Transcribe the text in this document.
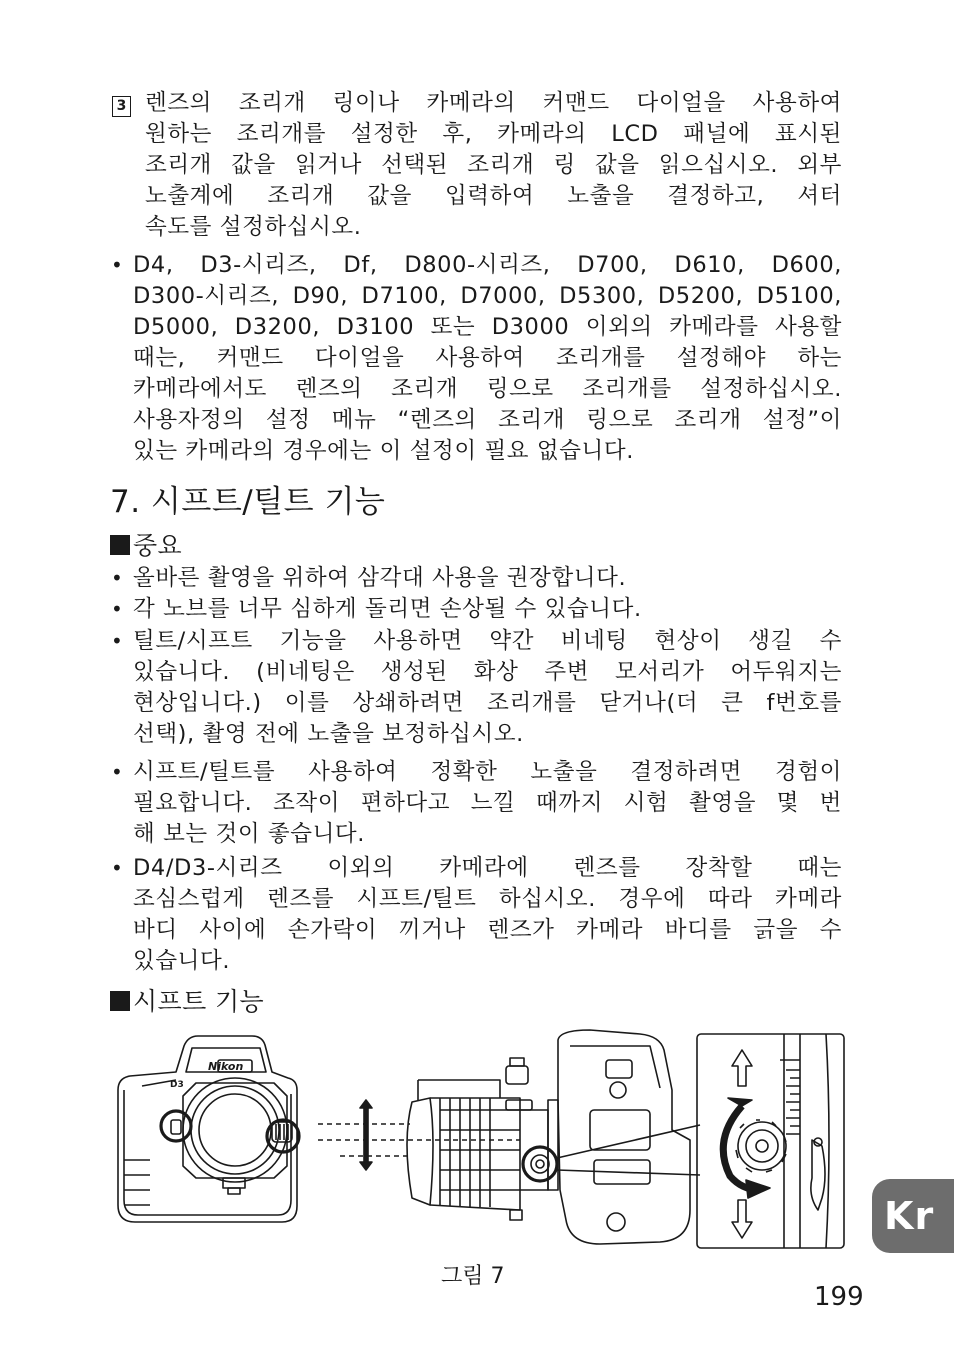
3 렌즈의 조리개 링이나 카메라의 커맨드 다이얼을 사용하여
원하는 조리개를 설정한 후, 카메라의 LCD 패널에 표시된
조리개 값을 읽거나 선택된 조리개 링 값을 읽으십시오. 외부
노출계에 조리개 값을 입력하여 노출을 결정하고, 셔터
속도를 설정하십시오.
• D4, D3-시리즈, Df, D800-시리즈, D700, D610, D600,
D300-시리즈, D90, D7100, D7000, D5300, D5200, D5100,
D5000, D3200, D3100 또는 D3000 이외의 카메라를 사용할
때는, 커맨드 다이얼을 사용하여 조리개를 설정해야 하는
카메라에서도 렌즈의 조리개 링으로 조리개를 설정하십시오.
사용자정의 설정 메뉴 “렌즈의 조리개 링으로 조리개 설정”이
있는 카메라의 경우에는 이 설정이 필요 없습니다.
7. 시프트/틸트 기능
중요
• 올바른 촬영을 위하여 삼각대 사용을 권장합니다.
• 각 노브를 너무 심하게 돌리면 손상될 수 있습니다.
• 틸트/시프트 기능을 사용하면 약간 비네팅 현상이 생길 수
있습니다. (비네팅은 생성된 화상 주변 모서리가 어두워지는
현상입니다.) 이를 상쇄하려면 조리개를 닫거나(더 큰 f번호를
선택), 촬영 전에 노출을 보정하십시오.
• 시프트/틸트를 사용하여 정확한 노출을 결정하려면 경험이
필요합니다. 조작이 편하다고 느낄 때까지 시험 촬영을 몇 번
해 보는 것이 좋습니다.
• D4/D3-시리즈 이외의 카메라에 렌즈를 장착할 때는
조심스럽게 렌즈를 시프트/틸트 하십시오. 경우에 따라 카메라
바디 사이에 손가락이 끼거나 렌즈가 카메라 바디를 긁을 수
있습니다.
시프트 기능
Nikon
D3
그림 7
199
Kr
